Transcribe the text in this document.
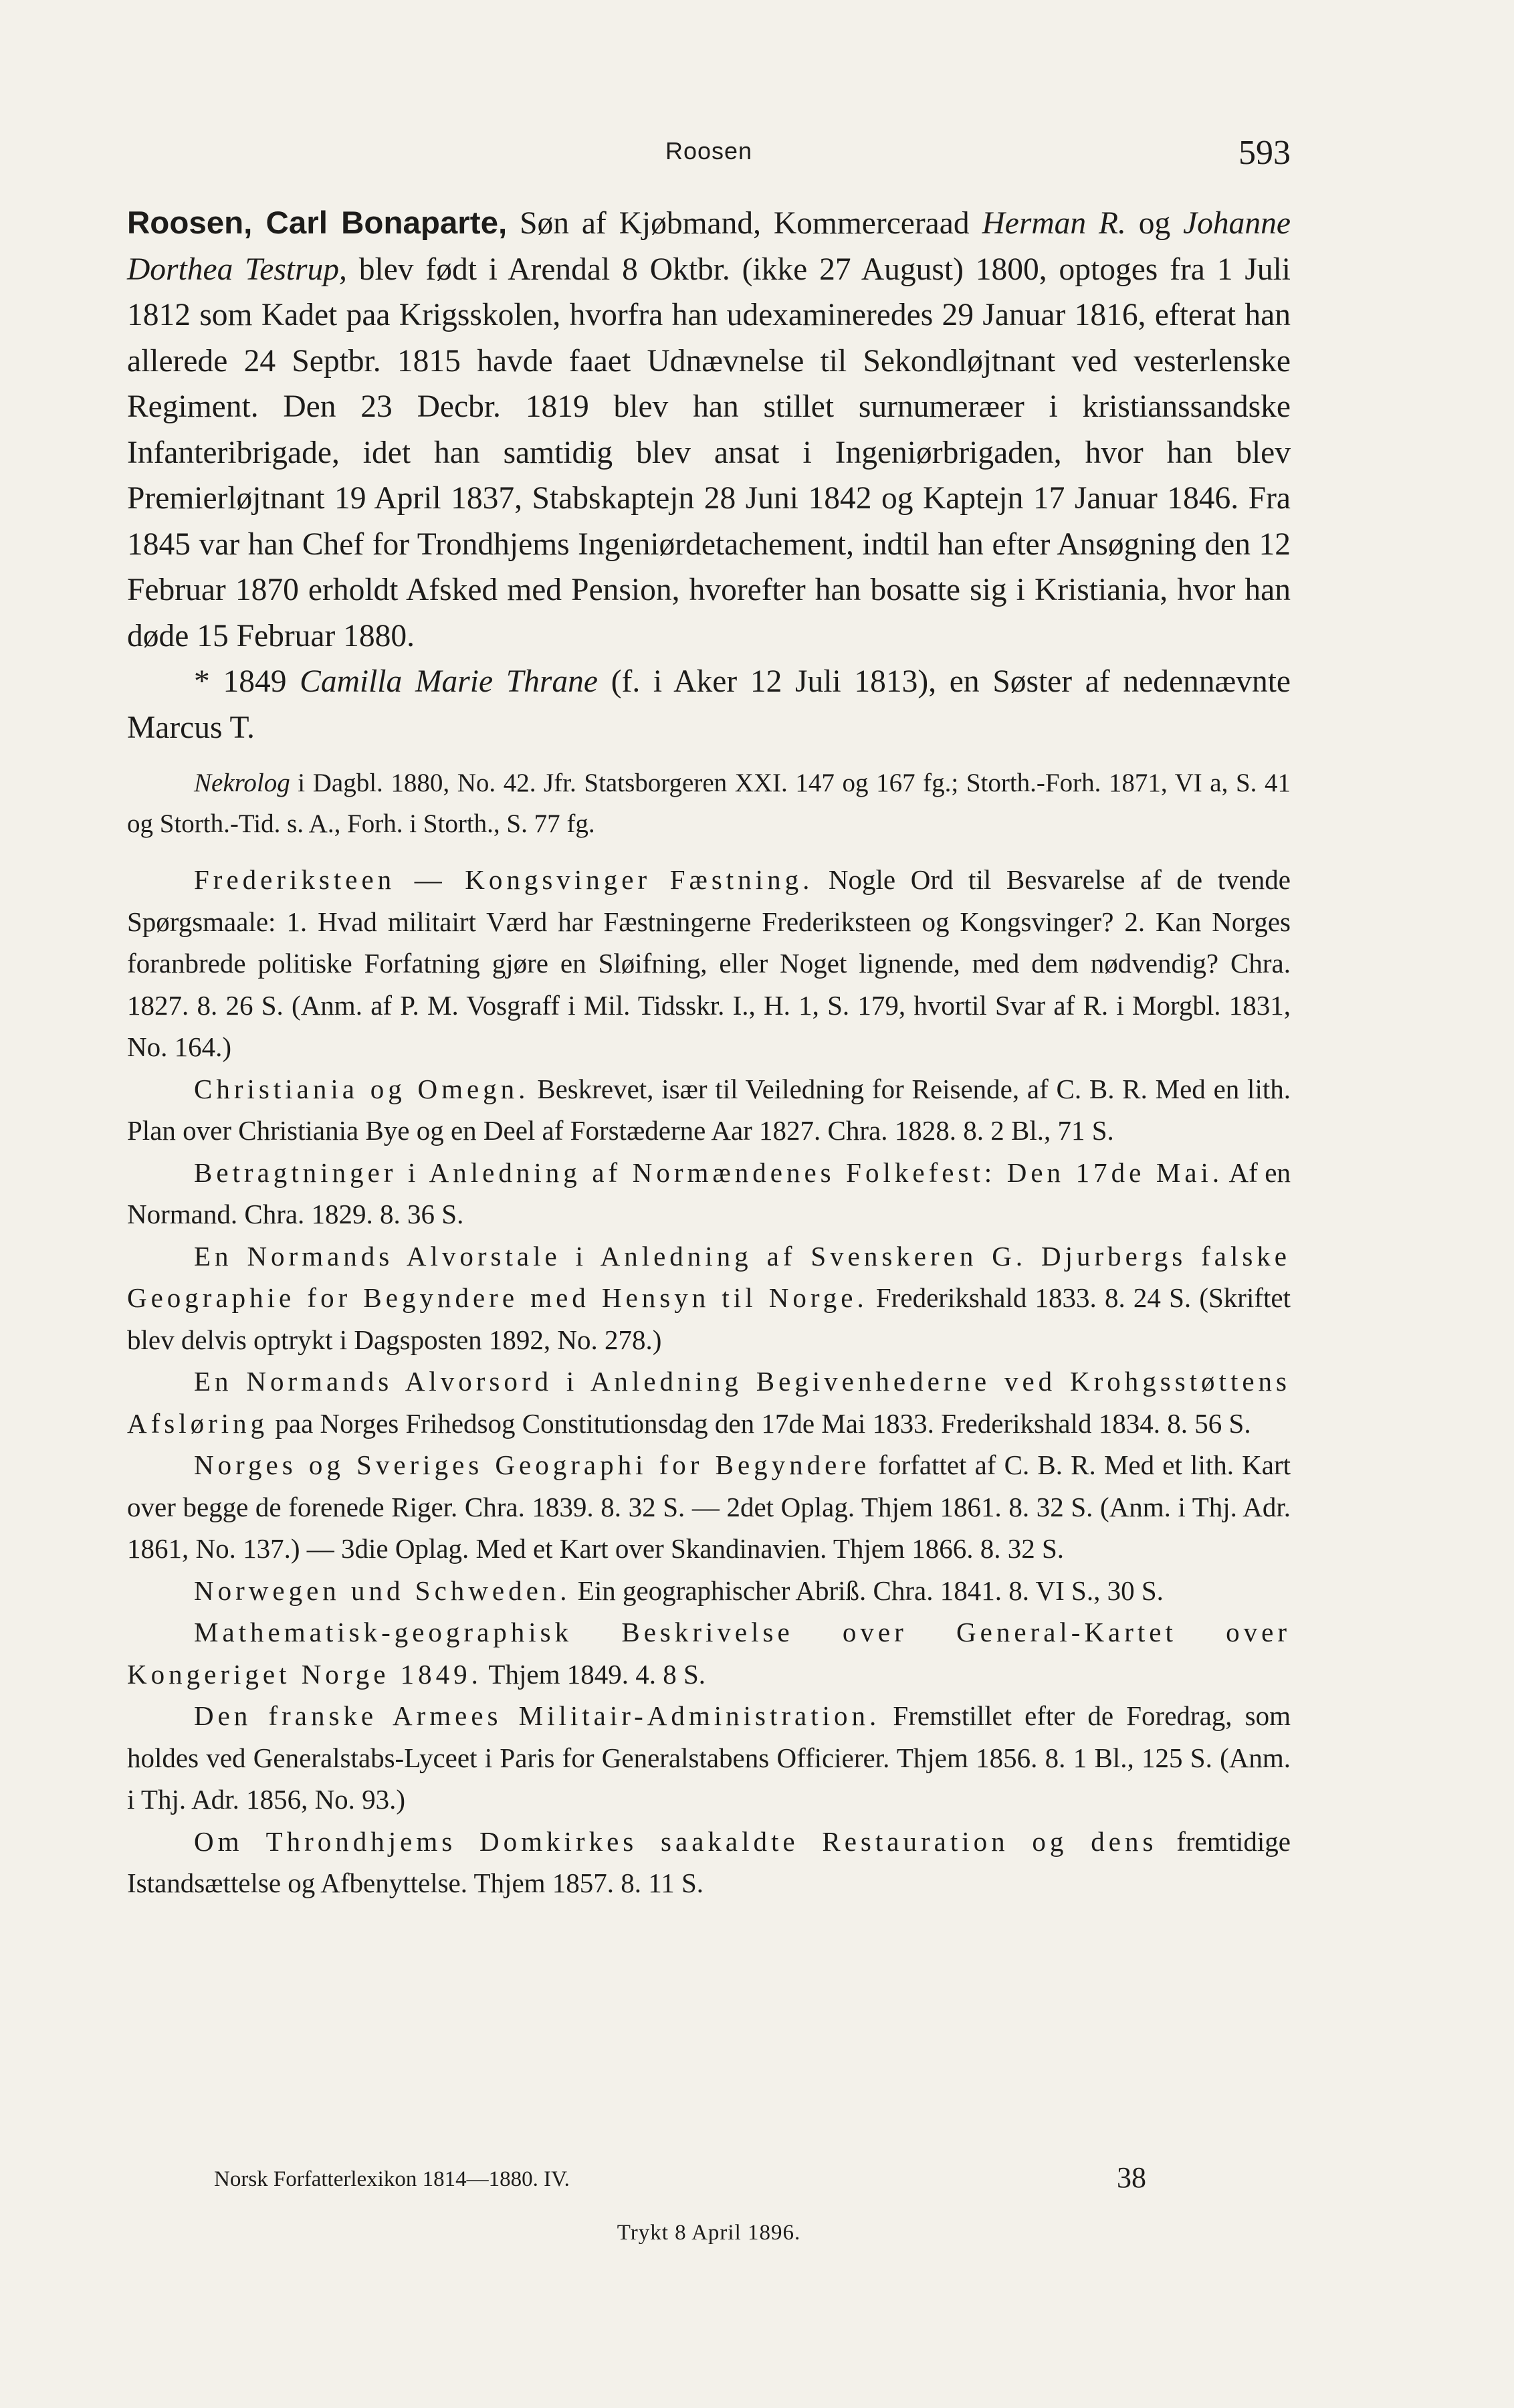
Roosen	593

Roosen, Carl Bonaparte, Søn af Kjøbmand, Kommerceraad Herman R. og Johanne Dorthea Testrup, blev født i Arendal 8 Oktbr. (ikke 27 August) 1800, optoges fra 1 Juli 1812 som Kadet paa Krigsskolen, hvorfra han udexamineredes 29 Januar 1816, efterat han allerede 24 Septbr. 1815 havde faaet Udnævnelse til Sekondløjtnant ved vesterlenske Regiment. Den 23 Decbr. 1819 blev han stillet surnumeræer i kristianssandske Infanteribrigade, idet han samtidig blev ansat i Ingeniørbrigaden, hvor han blev Premierløjtnant 19 April 1837, Stabskaptejn 28 Juni 1842 og Kaptejn 17 Januar 1846. Fra 1845 var han Chef for Trondhjems Ingeniørdetachement, indtil han efter Ansøgning den 12 Februar 1870 erholdt Afsked med Pension, hvorefter han bosatte sig i Kristiania, hvor han døde 15 Februar 1880.

* 1849 Camilla Marie Thrane (f. i Aker 12 Juli 1813), en Søster af nedennævnte Marcus T.

Nekrolog i Dagbl. 1880, No. 42. Jfr. Statsborgeren XXI. 147 og 167 fg.; Storth.-Forh. 1871, VI a, S. 41 og Storth.-Tid. s. A., Forh. i Storth., S. 77 fg.

Frederiksteen — Kongsvinger Fæstning. Nogle Ord til Besvarelse af de tvende Spørgsmaale: 1. Hvad militairt Værd har Fæstningerne Frederiksteen og Kongsvinger? 2. Kan Norges foranbrede politiske Forfatning gjøre en Sløifning, eller Noget lignende, med dem nødvendig? Chra. 1827. 8. 26 S. (Anm. af P. M. Vosgraff i Mil. Tidsskr. I., H. 1, S. 179, hvortil Svar af R. i Morgbl. 1831, No. 164.)

Christiania og Omegn. Beskrevet, især til Veiledning for Reisende, af C. B. R. Med en lith. Plan over Christiania Bye og en Deel af Forstæderne Aar 1827. Chra. 1828. 8. 2 Bl., 71 S.

Betragtninger i Anledning af Normændenes Folkefest: Den 17de Mai. Af en Normand. Chra. 1829. 8. 36 S.

En Normands Alvorstale i Anledning af Svenskeren G. Djurbergs falske Geographie for Begyndere med Hensyn til Norge. Frederikshald 1833. 8. 24 S. (Skriftet blev delvis optrykt i Dagsposten 1892, No. 278.)

En Normands Alvorsord i Anledning Begivenhederne ved Krohgsstøttens Afsløring paa Norges Frihedsog Constitutionsdag den 17de Mai 1833. Frederikshald 1834. 8. 56 S.

Norges og Sveriges Geographi for Begyndere forfattet af C. B. R. Med et lith. Kart over begge de forenede Riger. Chra. 1839. 8. 32 S. — 2det Oplag. Thjem 1861. 8. 32 S. (Anm. i Thj. Adr. 1861, No. 137.) — 3die Oplag. Med et Kart over Skandinavien. Thjem 1866. 8. 32 S.

Norwegen und Schweden. Ein geographischer Abriß. Chra. 1841. 8. VI S., 30 S.

Mathematisk-geographisk Beskrivelse over General-Kartet over Kongeriget Norge 1849. Thjem 1849. 4. 8 S.

Den franske Armees Militair-Administration. Fremstillet efter de Foredrag, som holdes ved Generalstabs-Lyceet i Paris for Generalstabens Officierer. Thjem 1856. 8. 1 Bl., 125 S. (Anm. i Thj. Adr. 1856, No. 93.)

Om Throndhjems Domkirkes saakaldte Restauration og dens fremtidige Istandsættelse og Afbenyttelse. Thjem 1857. 8. 11 S.

Norsk Forfatterlexikon 1814—1880. IV.	38
Trykt 8 April 1896.
